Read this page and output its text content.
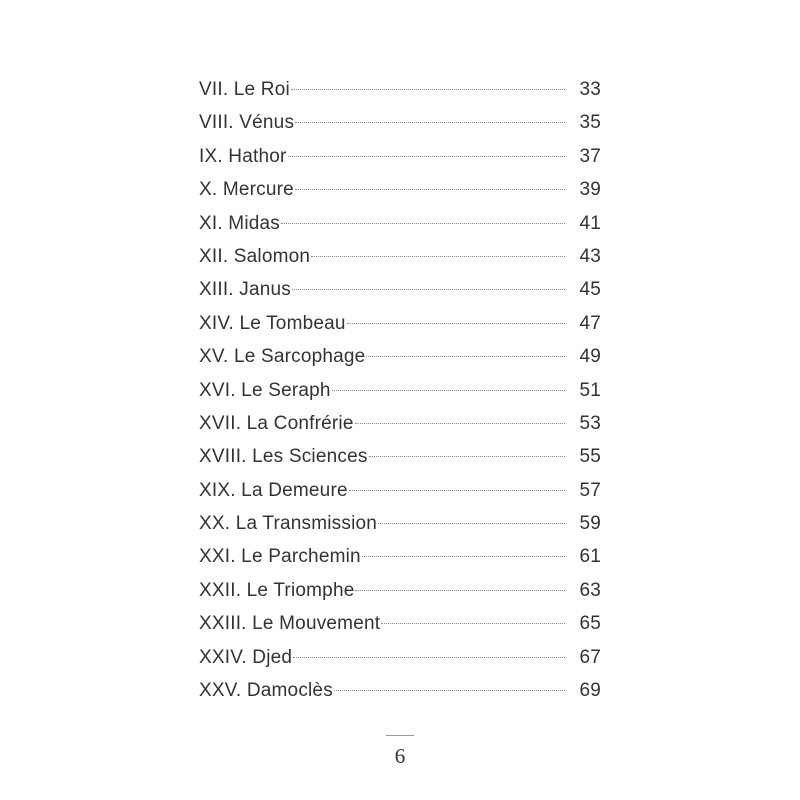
VII. Le Roi	33
VIII. Vénus	35
IX. Hathor	37
X. Mercure	39
XI. Midas	41
XII. Salomon	43
XIII. Janus	45
XIV. Le Tombeau	47
XV. Le Sarcophage	49
XVI. Le Seraph	51
XVII. La Confrérie	53
XVIII. Les Sciences	55
XIX. La Demeure	57
XX. La Transmission	59
XXI. Le Parchemin	61
XXII. Le Triomphe	63
XXIII. Le Mouvement	65
XXIV. Djed	67
XXV. Damoclès	69
6
